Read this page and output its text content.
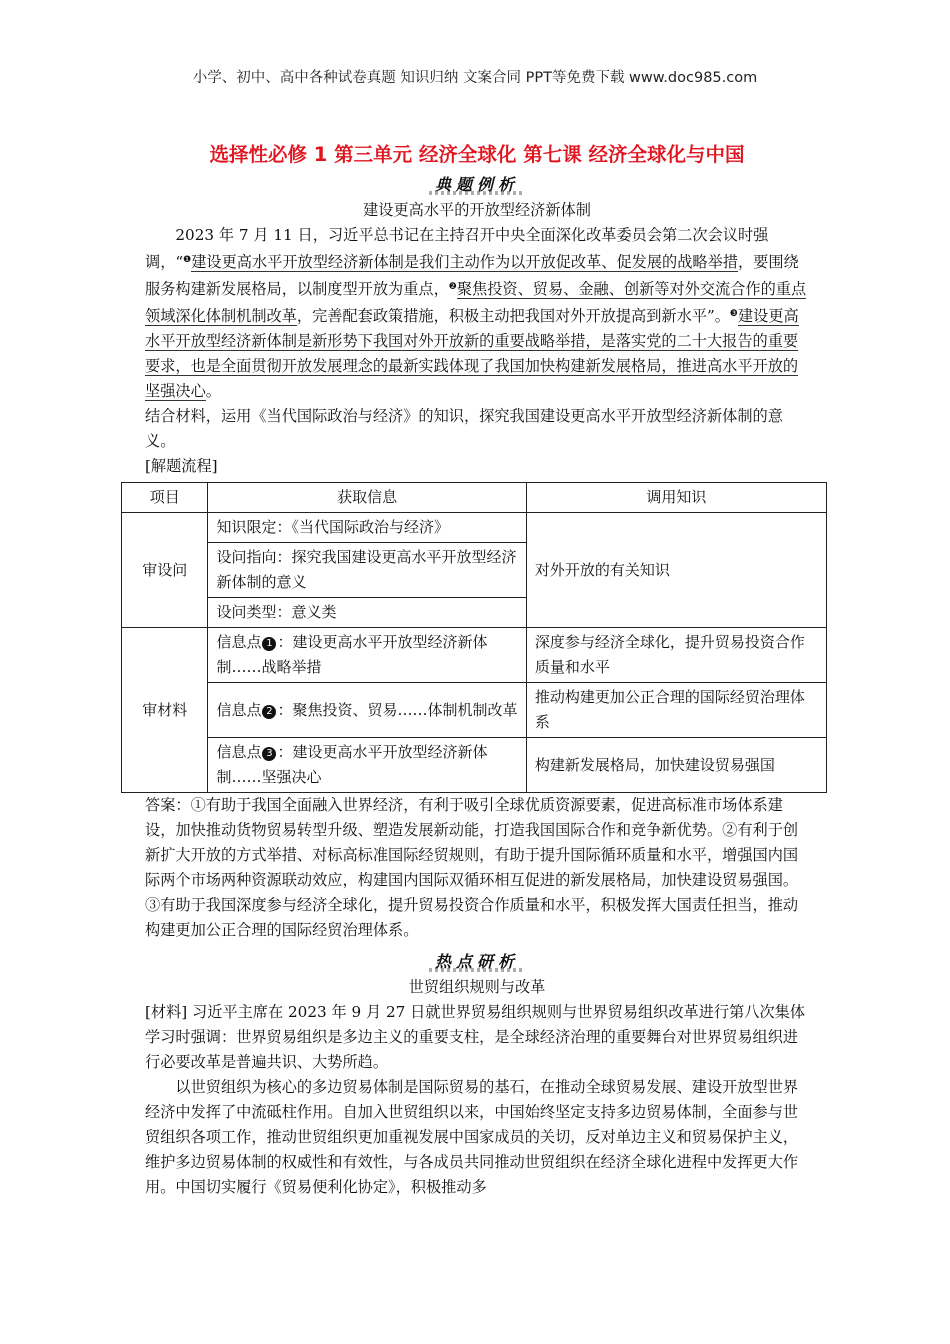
小学、初中、高中各种试卷真题 知识归纳 文案合同 PPT等免费下载 www.doc985.com
选择性必修 1 第三单元 经济全球化 第七课 经济全球化与中国
典题例析

建设更高水平的开放型经济新体制

2023 年 7 月 11 日，习近平总书记在主持召开中央全面深化改革委员会第二次会议时强调，“$^❶$建设更高水平开放型经济新体制是我们主动作为以开放促改革、促发展的战略举措，要围绕服务构建新发展格局，以制度型开放为重点，$^❷$聚焦投资、贸易、金融、创新等对外交流合作的重点领域深化体制机制改革，完善配套政策措施，积极主动把我国对外开放提高到新水平”。$^❸$建设更高水平开放型经济新体制是新形势下我国对外开放新的重要战略举措，是落实党的二十大报告的重要要求，也是全面贯彻开放发展理念的最新实践体现了我国加快构建新发展格局，推进高水平开放的坚强决心。

结合材料，运用《当代国际政治与经济》的知识，探究我国建设更高水平开放型经济新体制的意义。

[解题流程]

项目	获取信息	调用知识
审设问	知识限定：《当代国际政治与经济》	对外开放的有关知识
	设问指向：探究我国建设更高水平开放型经济新体制的意义	
	设问类型：意义类	
审材料	信息点 1 ：建设更高水平开放型经济新体制……战略举措	深度参与经济全球化，提升贸易投资合作质量和水平
	信息点 2 ：聚焦投资、贸易……体制机制改革	推动构建更加公正合理的国际经贸治理体系
	信息点 3 ：建设更高水平开放型经济新体制……坚强决心	构建新发展格局，加快建设贸易强国

答案：①有助于我国全面融入世界经济，有利于吸引全球优质资源要素，促进高标准市场体系建设，加快推动货物贸易转型升级、塑造发展新动能，打造我国国际合作和竞争新优势。②有利于创新扩大开放的方式举措、对标高标准国际经贸规则，有助于提升国际循环质量和水平，增强国内国际两个市场两种资源联动效应，构建国内国际双循环相互促进的新发展格局，加快建设贸易强国。③有助于我国深度参与经济全球化，提升贸易投资合作质量和水平，积极发挥大国责任担当，推动构建更加公正合理的国际经贸治理体系。

热点研析

世贸组织规则与改革

[材料] 习近平主席在 2023 年 9 月 27 日就世界贸易组织规则与世界贸易组织改革进行第八次集体学习时强调：世界贸易组织是多边主义的重要支柱，是全球经济治理的重要舞台对世界贸易组织进行必要改革是普遍共识、大势所趋。

以世贸组织为核心的多边贸易体制是国际贸易的基石，在推动全球贸易发展、建设开放型世界经济中发挥了中流砥柱作用。自加入世贸组织以来，中国始终坚定支持多边贸易体制，全面参与世贸组织各项工作，推动世贸组织更加重视发展中国家成员的关切，反对单边主义和贸易保护主义，维护多边贸易体制的权威性和有效性，与各成员共同推动世贸组织在经济全球化进程中发挥更大作用。中国切实履行《贸易便利化协定》，积极推动多
